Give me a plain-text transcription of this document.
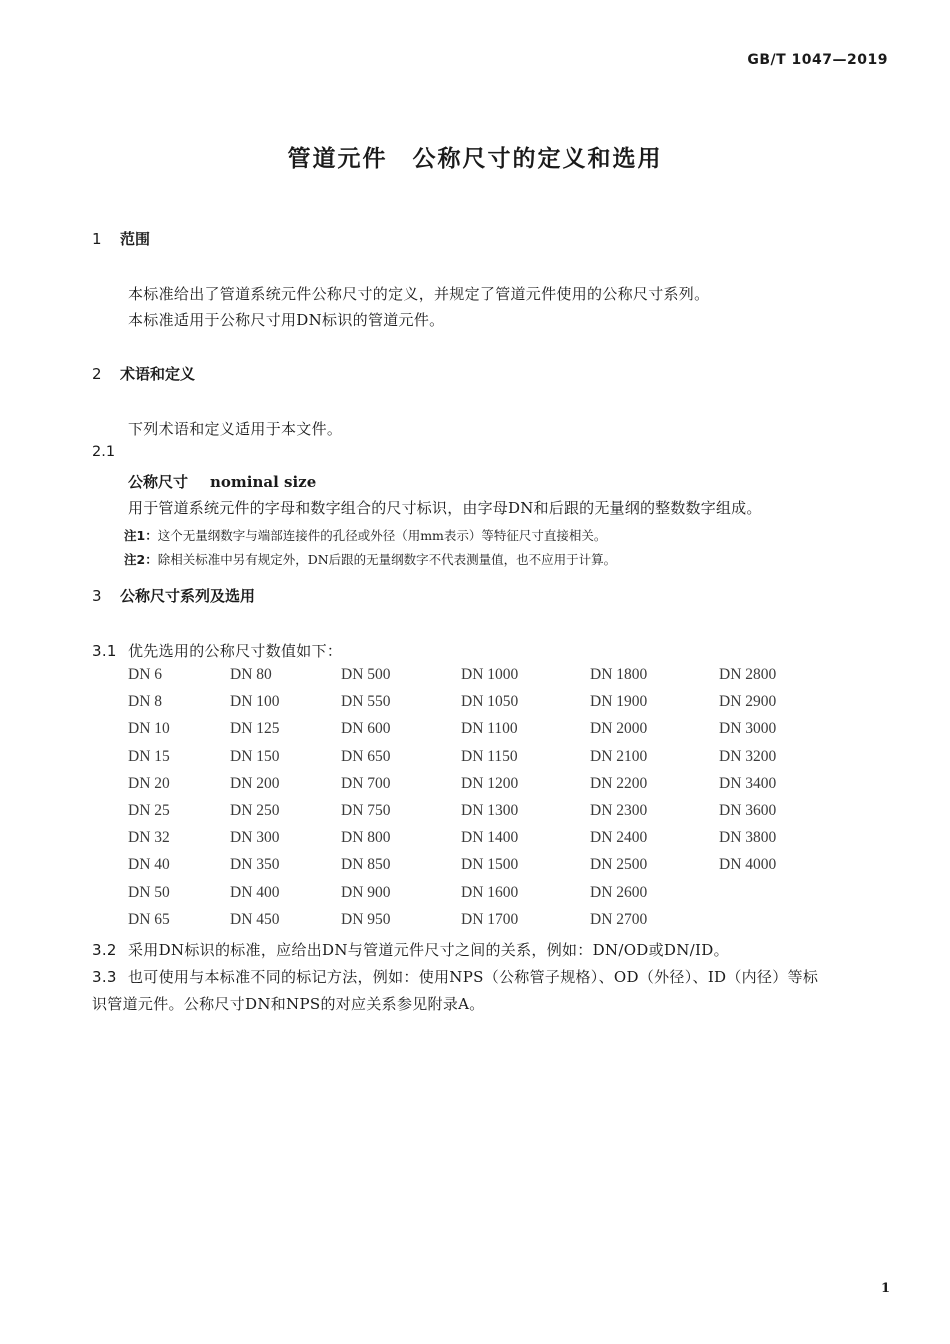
GB/T 1047—2019
管道元件　公称尺寸的定义和选用
1 范围
本标准给出了管道系统元件公称尺寸的定义，并规定了管道元件使用的公称尺寸系列。
本标准适用于公称尺寸用DN标识的管道元件。
2 术语和定义
下列术语和定义适用于本文件。
2.1
公称尺寸 nominal size
用于管道系统元件的字母和数字组合的尺寸标识，由字母DN和后跟的无量纲的整数数字组成。
注1：这个无量纲数字与端部连接件的孔径或外径（用mm表示）等特征尺寸直接相关。
注2：除相关标准中另有规定外，DN后跟的无量纲数字不代表测量值，也不应用于计算。
3 公称尺寸系列及选用
3.1 优先选用的公称尺寸数值如下：
DN 6
DN 8
DN 10
DN 15
DN 20
DN 25
DN 32
DN 40
DN 50
DN 65
DN 80
DN 100
DN 125
DN 150
DN 200
DN 250
DN 300
DN 350
DN 400
DN 450
DN 500
DN 550
DN 600
DN 650
DN 700
DN 750
DN 800
DN 850
DN 900
DN 950
DN 1000
DN 1050
DN 1100
DN 1150
DN 1200
DN 1300
DN 1400
DN 1500
DN 1600
DN 1700
DN 1800
DN 1900
DN 2000
DN 2100
DN 2200
DN 2300
DN 2400
DN 2500
DN 2600
DN 2700
DN 2800
DN 2900
DN 3000
DN 3200
DN 3400
DN 3600
DN 3800
DN 4000
3.2 采用DN标识的标准，应给出DN与管道元件尺寸之间的关系，例如：DN/OD或DN/ID。
3.3 也可使用与本标准不同的标记方法，例如：使用NPS（公称管子规格）、OD（外径）、ID（内径）等标
识管道元件。公称尺寸DN和NPS的对应关系参见附录A。
1
